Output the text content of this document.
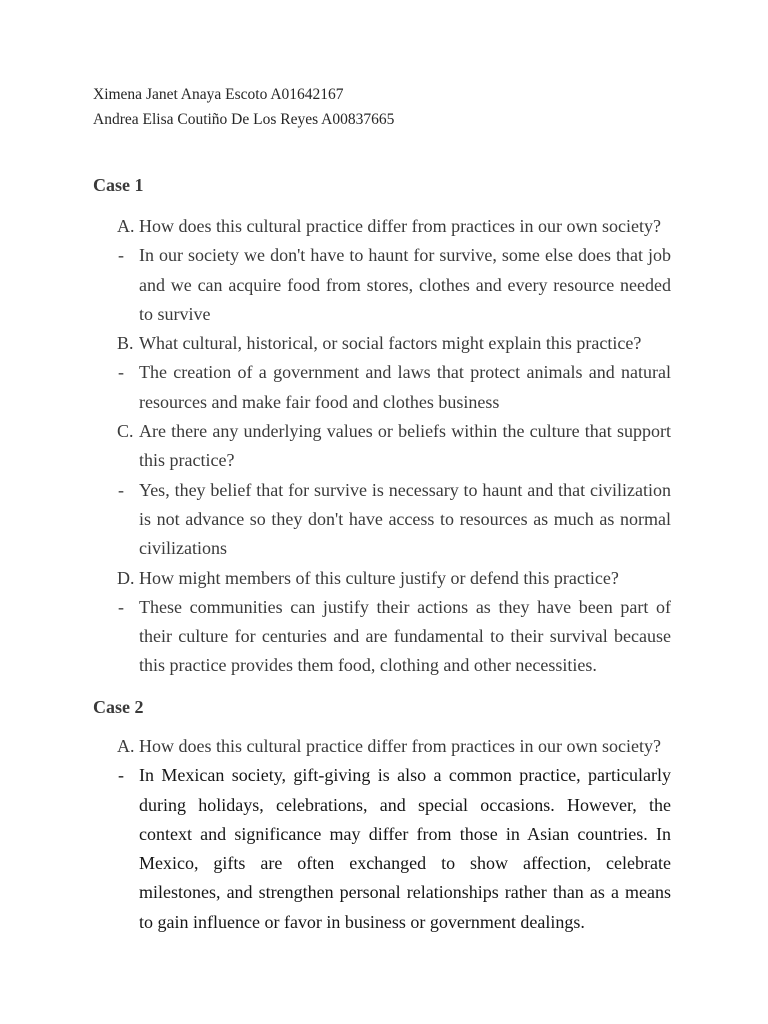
Ximena Janet Anaya Escoto A01642167
Andrea Elisa Coutiño De Los Reyes A00837665
Case 1
A. How does this cultural practice differ from practices in our own society?
- In our society we don't have to haunt for survive, some else does that job and we can acquire food from stores, clothes and every resource needed to survive
B. What cultural, historical, or social factors might explain this practice?
- The creation of a government and laws that protect animals and natural resources and make fair food and clothes business
C. Are there any underlying values or beliefs within the culture that support this practice?
- Yes, they belief that for survive is necessary to haunt and that civilization is not advance so they don't have access to resources as much as normal civilizations
D. How might members of this culture justify or defend this practice?
- These communities can justify their actions as they have been part of their culture for centuries and are fundamental to their survival because this practice provides them food, clothing and other necessities.
Case 2
A. How does this cultural practice differ from practices in our own society?
- In Mexican society, gift-giving is also a common practice, particularly during holidays, celebrations, and special occasions. However, the context and significance may differ from those in Asian countries. In Mexico, gifts are often exchanged to show affection, celebrate milestones, and strengthen personal relationships rather than as a means to gain influence or favor in business or government dealings.
